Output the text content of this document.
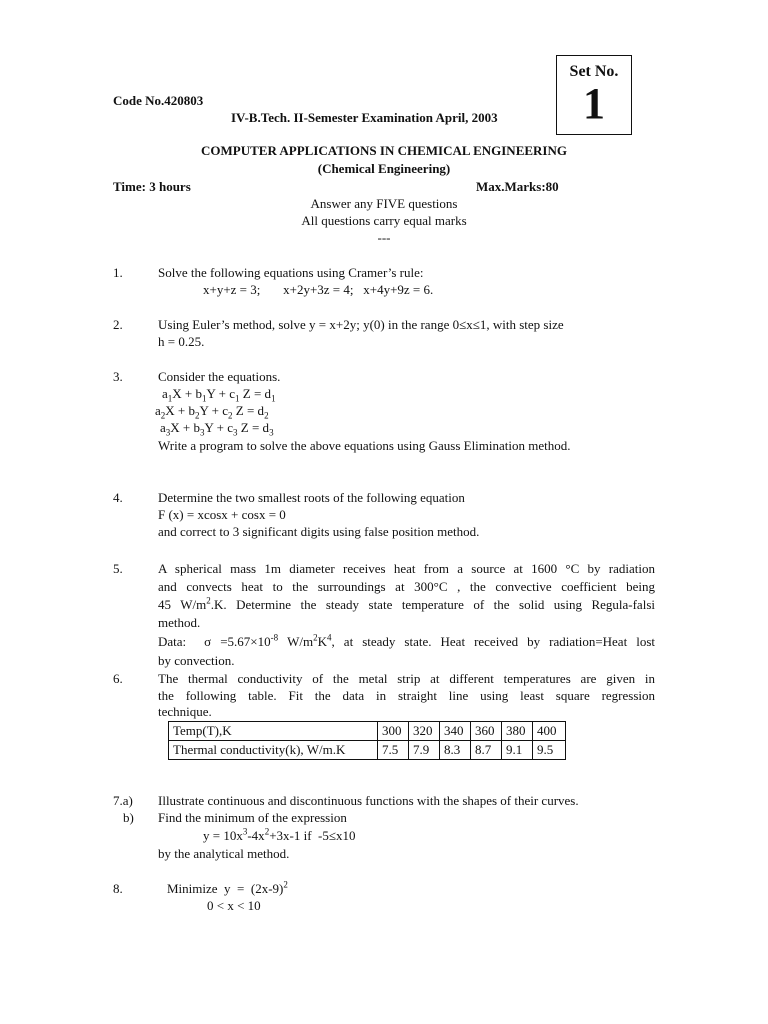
Set No.
1
Code No.420803
IV-B.Tech. II-Semester Examination April, 2003
COMPUTER APPLICATIONS IN CHEMICAL ENGINEERING
(Chemical Engineering)
Time: 3 hours	Max.Marks:80
Answer any FIVE questions
All questions carry equal marks
---
1.	Solve the following equations using Cramer’s rule:
x+y+z = 3;       x+2y+3z = 4;   x+4y+9z = 6.
2.	Using Euler’s method, solve y = x+2y; y(0) in the range 0≤x≤1, with step size
h = 0.25.
3.	Consider the equations.
$a_1X + b_1Y + c_1$ $Z = d_1$
$a_2X + b_2Y + c_2$ $Z = d_2$
$a_3X + b_3Y + c_3$ $Z = d_3$
Write a program to solve the above equations using Gauss Elimination method.
4.	Determine the two smallest roots of the following equation
F (x) = xcosx + cosx = 0
and correct to 3 significant digits using false position method.
5.	A spherical mass 1m diameter receives heat from a source at 1600 °C by radiation
and convects heat to the surroundings at 300°C , the convective coefficient being
45 $W/m^2.K$. Determine the steady state temperature of the solid using Regula-falsi
method.
Data:  $\sigma =5.67\times 10^{-8}$ $W/m^2K^4$, at steady state. Heat received by radiation=Heat lost
by convection.
6.	The thermal conductivity of the metal strip at different temperatures are given in
the following table. Fit the data in straight line using least square regression
technique.
Temp(T),K	300	320	340	360	380	400
Thermal conductivity(k), W/m.K	7.5	7.9	8.3	8.7	9.1	9.5
7.a) Illustrate continuous and discontinuous functions with the shapes of their curves.
b) Find the minimum of the expression
$y = 10x^3-4x^2+3x-1$ if  -5≤x10
by the analytical method.
8.	Minimize  $y = (2x-9)^2$
0 < x < 10
